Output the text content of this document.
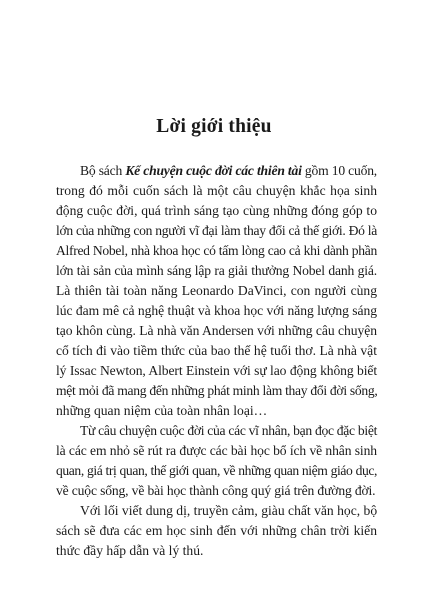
Lời giới thiệu

Bộ sách Kể chuyện cuộc đời các thiên tài gồm 10 cuốn,
trong đó mỗi cuốn sách là một câu chuyện khắc họa sinh
động cuộc đời, quá trình sáng tạo cùng những đóng góp to
lớn của những con người vĩ đại làm thay đổi cả thế giới. Đó là
Alfred Nobel, nhà khoa học có tấm lòng cao cả khi dành phần
lớn tài sản của mình sáng lập ra giải thưởng Nobel danh giá.
Là thiên tài toàn năng Leonardo DaVinci, con người cùng
lúc đam mê cả nghệ thuật và khoa học với năng lượng sáng
tạo khôn cùng. Là nhà văn Andersen với những câu chuyện
cổ tích đi vào tiềm thức của bao thế hệ tuổi thơ. Là nhà vật
lý Issac Newton, Albert Einstein với sự lao động không biết
mệt mỏi đã mang đến những phát minh làm thay đổi đời sống,
những quan niệm của toàn nhân loại…

Từ câu chuyện cuộc đời của các vĩ nhân, bạn đọc đặc biệt
là các em nhỏ sẽ rút ra được các bài học bổ ích về nhân sinh
quan, giá trị quan, thế giới quan, về những quan niệm giáo dục,
về cuộc sống, về bài học thành công quý giá trên đường đời.

Với lối viết dung dị, truyền cảm, giàu chất văn học, bộ
sách sẽ đưa các em học sinh đến với những chân trời kiến
thức đầy hấp dẫn và lý thú.
